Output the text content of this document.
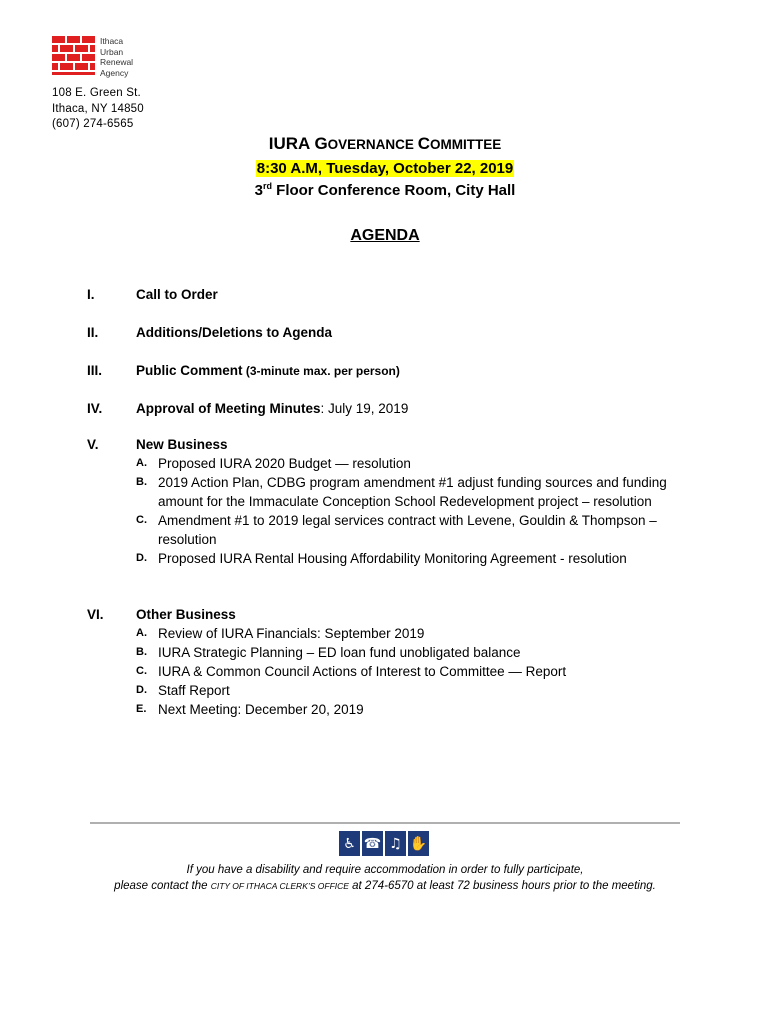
Ithaca
Urban
Renewal
Agency
108 E. Green St.
Ithaca, NY 14850
(607) 274-6565
IURA GOVERNANCE COMMITTEE
8:30 A.M, Tuesday, October 22, 2019
3rd Floor Conference Room, City Hall
AGENDA
I.	Call to Order
II.	Additions/Deletions to Agenda
III.	Public Comment (3-minute max. per person)
IV.	Approval of Meeting Minutes: July 19, 2019
V.	New Business
A. Proposed IURA 2020 Budget — resolution
B. 2019 Action Plan, CDBG program amendment #1 adjust funding sources and funding amount for the Immaculate Conception School Redevelopment project – resolution
C. Amendment #1 to 2019 legal services contract with Levene, Gouldin & Thompson – resolution
D. Proposed IURA Rental Housing Affordability Monitoring Agreement - resolution
VI.	Other Business
A. Review of IURA Financials: September 2019
B. IURA Strategic Planning – ED loan fund unobligated balance
C. IURA & Common Council Actions of Interest to Committee — Report
D. Staff Report
E. Next Meeting: December 20, 2019
♿ ☎ ♫ ✋
If you have a disability and require accommodation in order to fully participate,
please contact the CITY OF ITHACA CLERK’S OFFICE at 274-6570 at least 72 business hours prior to the meeting.
